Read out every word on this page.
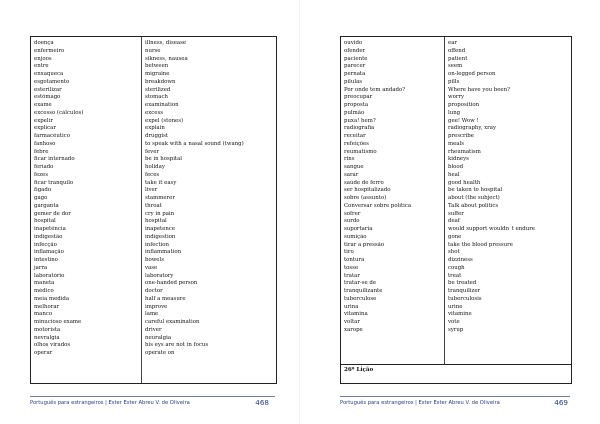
doença
enfermeiro
enjoos
entre
enxaqueca
esgotamento
esterilizar
estômago
exame
excesso (cálculos)
expelir
explicar
farmacêutico
fanhoso
febre
ficar internado
feriado
fezes
ficar tranquilo
fígado
gago
garganta
gemer de dor
hospital
inapetência
indigestão
infecção
inflamação
intestino
jarra
laboratório
maneta
médico
meia medida
melhorar
manco
minucioso exame
motorista
nevralgia
olhos virados
operar
illness, disease
nurse
sikness, nausea
between
migraine
breakdown
sterilized
stomach
examination
excess
expel (stones)
explain
druggist
to speak with a nasal sound (twang)
fever
be in hospital
holiday
feces
take it easy
liver
stammerer
throat
cry in pain
hospital
inapetence
indigestion
infection
inflammation
bowels
vase
laboratory
one-handed person
doctor
half a measure
improve
lame
careful examination
driver
neuralgia
his eys are not in focus
operate on
Português para estrangeiros | Ester Ester Abreu V. de Oliveira	468
ouvido
ofender
paciente
parecer
pernata
pílulas
Por onde tem andado?
preocupar
proposta
pulmão
puxa! hem?
radiografia
receitar
refeições
reumatismo
rins
sangue
sarar
saúde de ferro
ser hospitalizado
sobre (assunto)
Conversar sobre política
sofrer
surdo
suportaria
sumição
tirar a pressão
tiro
tontura
tosse
tratar
tratar-se de
tranquilizante
tuberculose
urina
vitamina
voltar
xarope
ear
offend
patient
seem
on-legged person
pills
Where have you been?
worry
proposition
lung
gee! Wow !
radiography, xray
prescribe
meals
rheumatism
kidneys
blood
heal
good health
be taken to hospital
about (the subject)
Talk about politics
suffer
deaf
would support wouldn´t endure
gone
take the blood pressure
shot
dizziness
cough
treat
be treated
tranquilizer
tuberculosis
urine
vitamine
vote
syrup
26ª Lição
Português para estrangeiros | Ester Ester Abreu V. de Oliveira	469
